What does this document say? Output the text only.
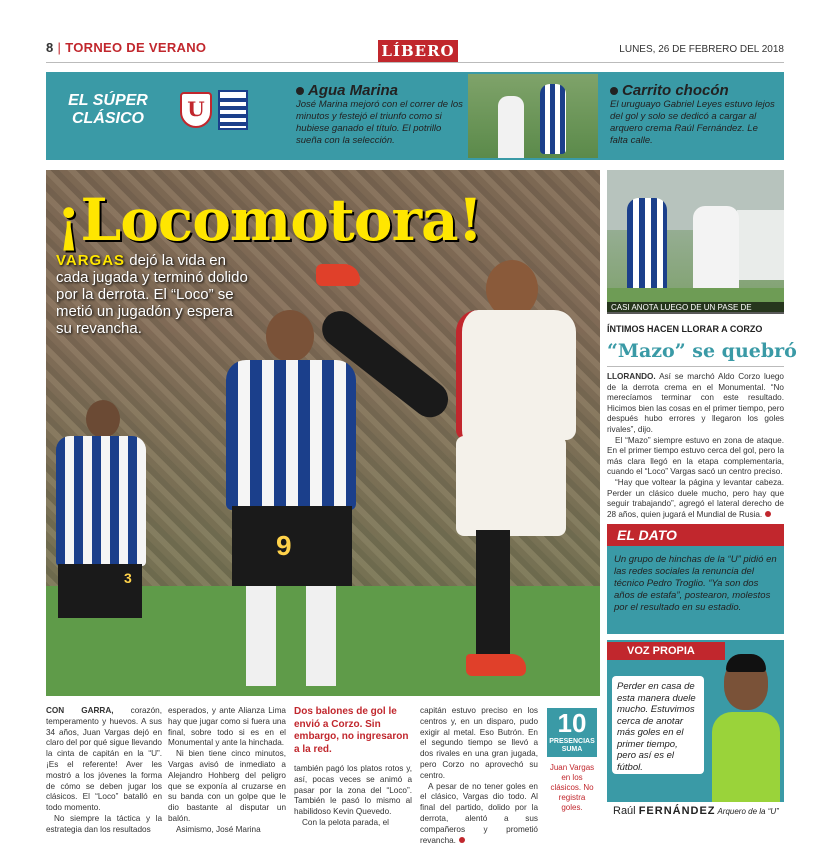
8 | TORNEO DE VERANO	LÍBERO	LUNES, 26 DE FEBRERO DEL 2018
EL SÚPER CLÁSICO	U
Agua Marina
José Marina mejoró con el correr de los minutos y festejó el triunfo como si hubiese ganado el título. El potrillo sueña con la selección.
Carrito chocón
El uruguayo Gabriel Leyes estuvo lejos del gol y solo se dedicó a cargar al arquero crema Raúl Fernández. Le falta calle.
3
9
¡Locomotora!
VARGAS dejó la vida en cada jugada y terminó dolido por la derrota. El “Loco” se metió un jugadón y espera su revancha.
CASI ANOTA LUEGO DE UN PASE DE VARGAS.
ÍNTIMOS HACEN LLORAR A CORZO
“Mazo” se quebró

LLORANDO. Así se marchó Aldo Corzo luego de la derrota crema en el Monumental. “No merecíamos terminar con este resultado. Hicimos bien las cosas en el primer tiempo, pero después hubo errores y llegaron los goles rivales”, dijo.

El “Mazo” siempre estuvo en zona de ataque. En el primer tiempo estuvo cerca del gol, pero la más clara llegó en la etapa complementaria, cuando el “Loco” Vargas sacó un centro preciso.

“Hay que voltear la página y levantar cabeza. Perder un clásico duele mucho, pero hay que seguir trabajando”, agregó el lateral derecho de 28 años, quien jugará el Mundial de Rusia.

EL DATO
Un grupo de hinchas de la “U” pidió en las redes sociales la renuncia del técnico Pedro Troglio. “Ya son dos años de estafa”, postearon, molestos por el resultado en su estadio.
VOZ PROPIA
Perder en casa de esta manera duele mucho. Estuvimos cerca de anotar más goles en el primer tiempo, pero así es el fútbol.
Raúl FERNÁNDEZ Arquero de la “U”

CON GARRA, corazón, temperamento y huevos. A sus 34 años, Juan Vargas dejó en claro del por qué sigue llevando la cinta de capitán en la “U”. ¡Es el referente! Aver les mostró a los jóvenes la forma de cómo se deben jugar los clásicos. El “Loco” batalló en todo momento.

No siempre la táctica y la estrategia dan los resultados

esperados, y ante Alianza Lima hay que jugar como si fuera una final, sobre todo si es en el Monumental y ante la hinchada.

Ni bien tiene cinco minutos, Vargas avisó de inmediato a Alejandro Hohberg del peligro que se exponía al cruzarse en su banda con un golpe que le dio bastante al disputar un balón.

Asimismo, José Marina

Dos balones de gol le envió a Corzo. Sin embargo, no ingresaron a la red.

también pagó los platos rotos y, así, pocas veces se animó a pasar por la zona del “Loco”. También le pasó lo mismo al habilidoso Kevin Quevedo.

Con la pelota parada, el

capitán estuvo preciso en los centros y, en un disparo, pudo exigir al metal. Eso Butrón. En el segundo tiempo se llevó a dos rivales en una gran jugada, pero Corzo no aprovechó su centro.

A pesar de no tener goles en el clásico, Vargas dio todo. Al final del partido, dolido por la derrota, alentó a sus compañeros y prometió revancha.

10
PRESENCIAS SUMA
Juan Vargas en los clásicos. No registra goles.
